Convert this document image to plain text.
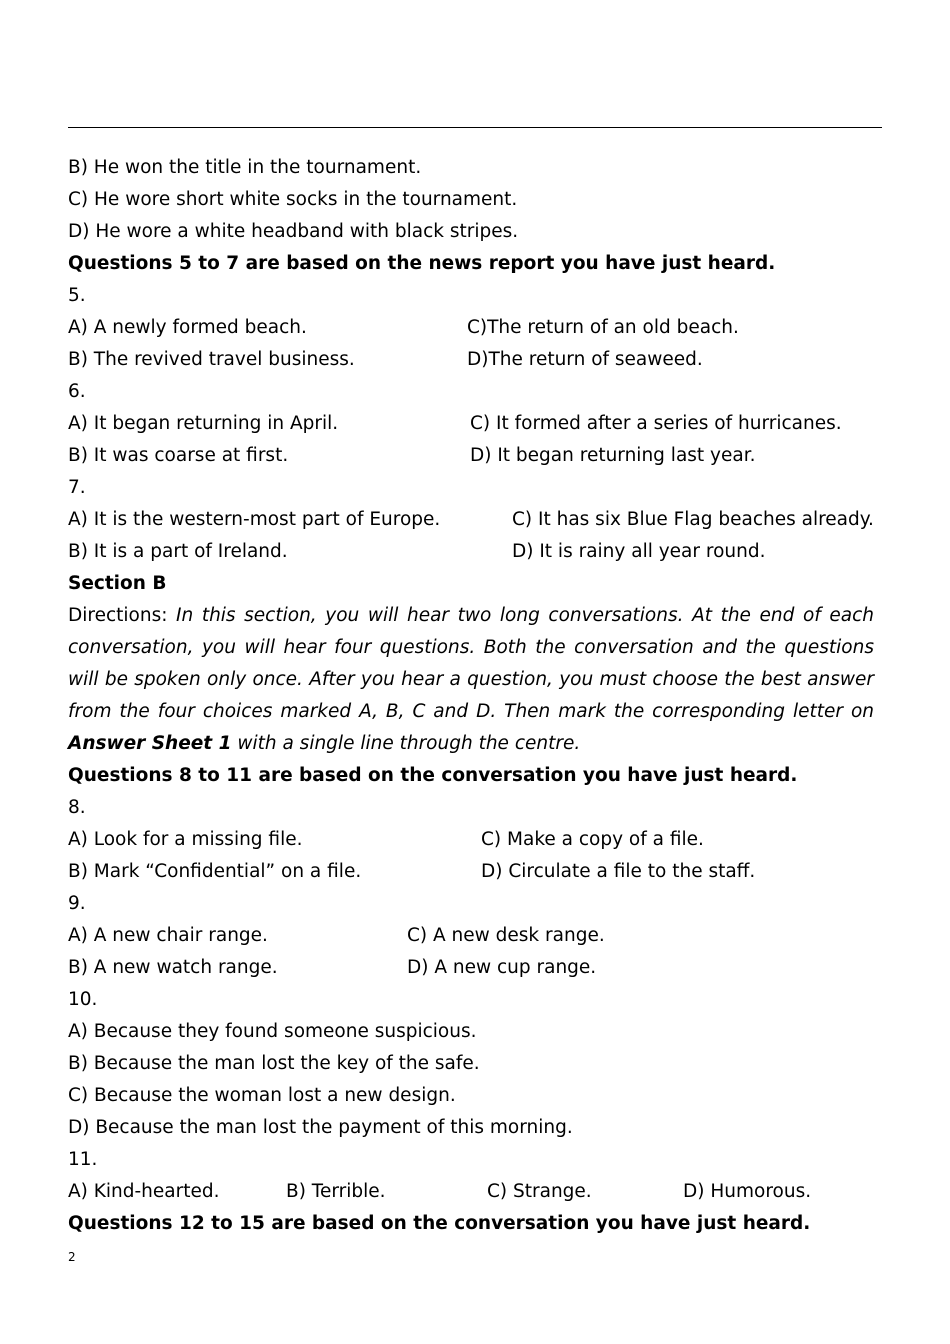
B) He won the title in the tournament.
C) He wore short white socks in the tournament.
D) He wore a white headband with black stripes.
Questions 5 to 7 are based on the news report you have just heard.
5.
A) A newly formed beach.	C)The return of an old beach.
B) The revived travel business.	D)The return of seaweed.
6.
A) It began returning in April.	C) It formed after a series of hurricanes.
B) It was coarse at first.	D) It began returning last year.
7.
A) It is the western-most part of Europe.	C) It has six Blue Flag beaches already.
B) It is a part of Ireland.	D) It is rainy all year round.
Section B
Directions: In this section, you will hear two long conversations. At the end of each conversation, you will hear four questions. Both the conversation and the questions will be spoken only once. After you hear a question, you must choose the best answer from the four choices marked A, B, C and D. Then mark the corresponding letter on Answer Sheet 1 with a single line through the centre.
Questions 8 to 11 are based on the conversation you have just heard.
8.
A) Look for a missing file.	C) Make a copy of a file.
B) Mark “Confidential” on a file.	D) Circulate a file to the staff.
9.
A) A new chair range.	C) A new desk range.
B) A new watch range.	D) A new cup range.
10.
A) Because they found someone suspicious.
B) Because the man lost the key of the safe.
C) Because the woman lost a new design.
D) Because the man lost the payment of this morning.
11.
A) Kind-hearted.	B) Terrible.	C) Strange.	D) Humorous.
Questions 12 to 15 are based on the conversation you have just heard.
2
